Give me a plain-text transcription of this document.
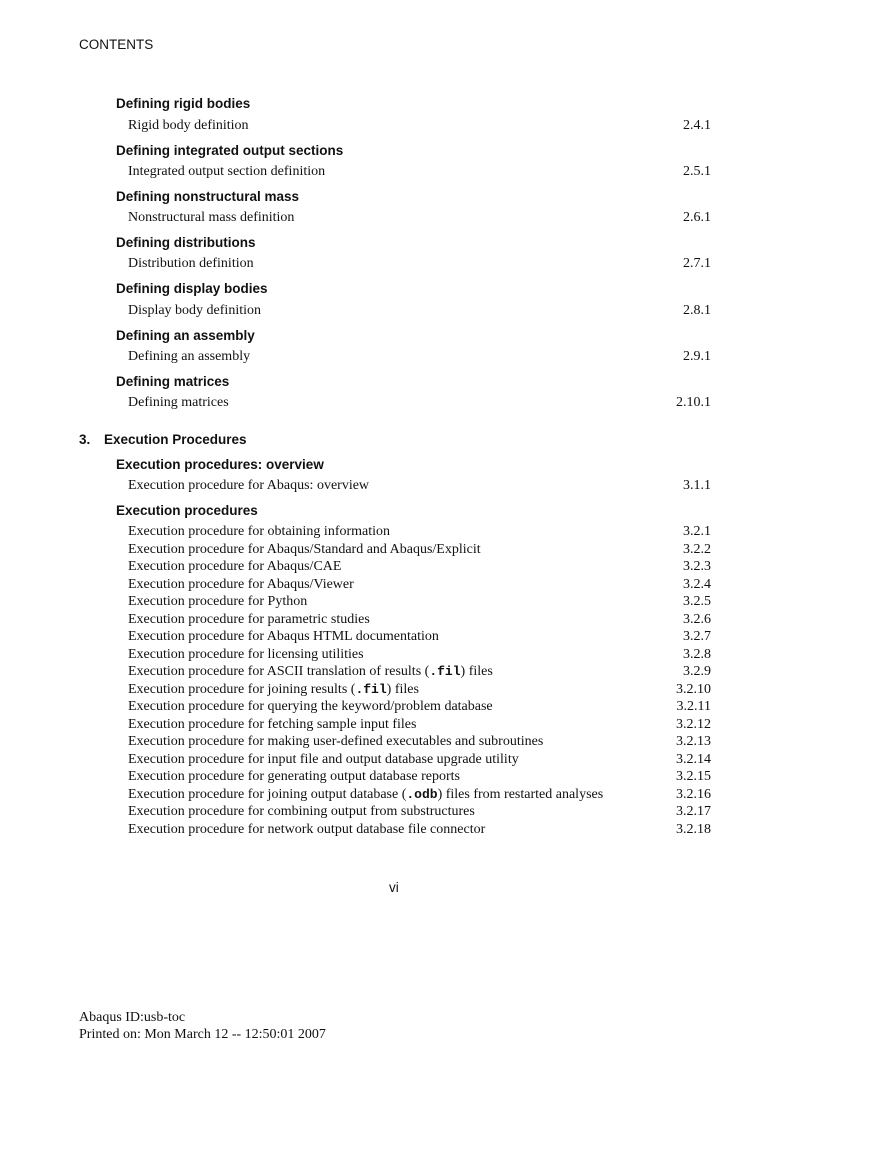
CONTENTS
Defining rigid bodies
Rigid body definition	2.4.1
Defining integrated output sections
Integrated output section definition	2.5.1
Defining nonstructural mass
Nonstructural mass definition	2.6.1
Defining distributions
Distribution definition	2.7.1
Defining display bodies
Display body definition	2.8.1
Defining an assembly
Defining an assembly	2.9.1
Defining matrices
Defining matrices	2.10.1
3. Execution Procedures
Execution procedures: overview
Execution procedure for Abaqus: overview	3.1.1
Execution procedures
Execution procedure for obtaining information	3.2.1
Execution procedure for Abaqus/Standard and Abaqus/Explicit	3.2.2
Execution procedure for Abaqus/CAE	3.2.3
Execution procedure for Abaqus/Viewer	3.2.4
Execution procedure for Python	3.2.5
Execution procedure for parametric studies	3.2.6
Execution procedure for Abaqus HTML documentation	3.2.7
Execution procedure for licensing utilities	3.2.8
Execution procedure for ASCII translation of results (.fil) files	3.2.9
Execution procedure for joining results (.fil) files	3.2.10
Execution procedure for querying the keyword/problem database	3.2.11
Execution procedure for fetching sample input files	3.2.12
Execution procedure for making user-defined executables and subroutines	3.2.13
Execution procedure for input file and output database upgrade utility	3.2.14
Execution procedure for generating output database reports	3.2.15
Execution procedure for joining output database (.odb) files from restarted analyses	3.2.16
Execution procedure for combining output from substructures	3.2.17
Execution procedure for network output database file connector	3.2.18
vi
Abaqus ID:usb-toc
Printed on: Mon March 12 -- 12:50:01 2007
